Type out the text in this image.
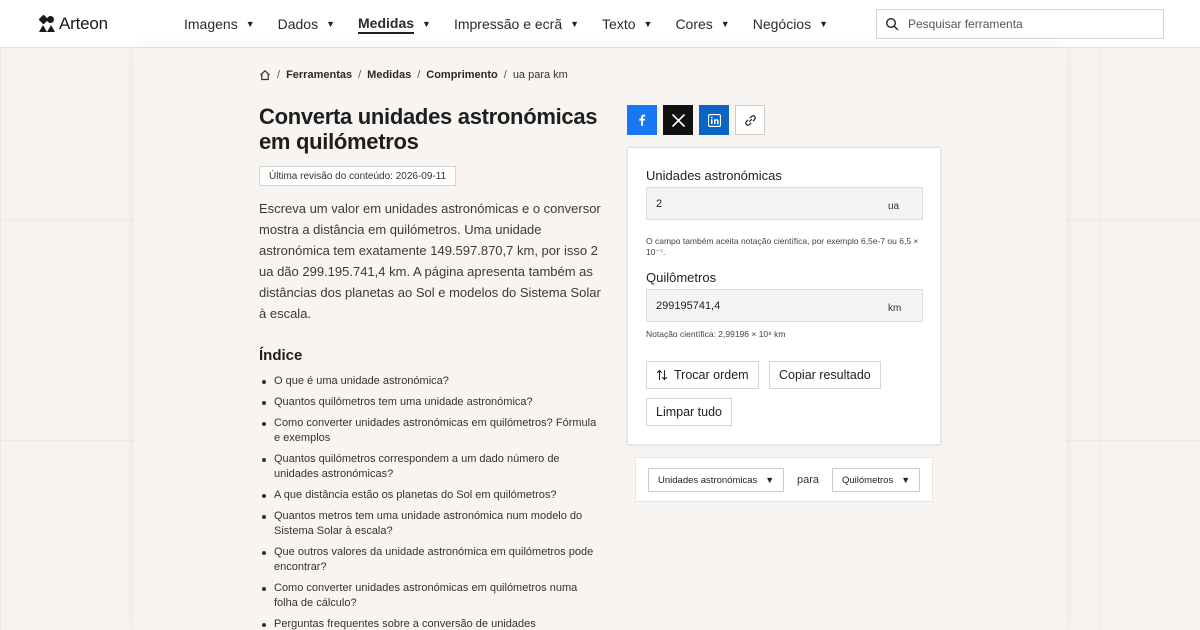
Arteon	Imagens ▼ Dados ▼ Medidas ▼ Impressão e ecrã ▼ Texto ▼ Cores ▼ Negócios ▼
Pesquisar ferramenta
/ Ferramentas / Medidas / Comprimento / ua para km
Converta unidades astronómicas em quilómetros
Última revisão do conteúdo: 2026-09-11

Escreva um valor em unidades astronómicas e o conversor mostra a distância em quilómetros. Uma unidade astronómica tem exatamente 149.597.870,7 km, por isso 2 ua dão 299.195.741,4 km. A página apresenta também as distâncias dos planetas ao Sol e modelos do Sistema Solar à escala.

Índice
O que é uma unidade astronómica?
Quantos quilómetros tem uma unidade astronómica?
Como converter unidades astronómicas em quilómetros? Fórmula e exemplos
Quantos quilómetros correspondem a um dado número de unidades astronómicas?
A que distância estão os planetas do Sol em quilómetros?
Quantos metros tem uma unidade astronómica num modelo do Sistema Solar à escala?
Que outros valores da unidade astronómica em quilómetros pode encontrar?
Como converter unidades astronómicas em quilómetros numa folha de cálculo?
Perguntas frequentes sobre a conversão de unidades
Unidades astronómicas
2	ua
O campo também aceita notação científica, por exemplo 6,5e-7 ou 6,5 × 10⁻⁷.
Quilômetros
299195741,4	km
Notação científica: 2,99196 × 10⁸ km
Trocar ordem Copiar resultado
Limpar tudo
Unidades astronómicas ▼ para Quilómetros ▼
